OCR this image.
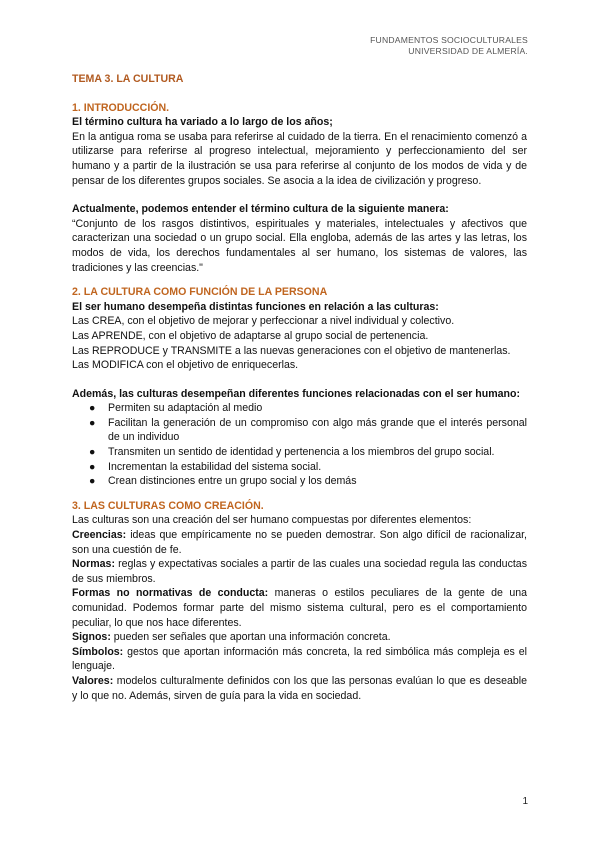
FUNDAMENTOS SOCIOCULTURALES
UNIVERSIDAD DE ALMERÍA.

TEMA 3. LA CULTURA

1. INTRODUCCIÓN.

El término cultura ha variado a lo largo de los años;

En la antigua roma se usaba para referirse al cuidado de la tierra. En el renacimiento comenzó a utilizarse para referirse al progreso intelectual, mejoramiento y perfeccionamiento del ser humano y a partir de la ilustración se usa para referirse al conjunto de los modos de vida y de pensar de los diferentes grupos sociales. Se asocia a la idea de civilización y progreso.

Actualmente, podemos entender el término cultura de la siguiente manera:

“Conjunto de los rasgos distintivos, espirituales y materiales, intelectuales y afectivos que caracterizan una sociedad o un grupo social. Ella engloba, además de las artes y las letras, los modos de vida, los derechos fundamentales al ser humano, los sistemas de valores, las tradiciones y las creencias."

2. LA CULTURA COMO FUNCIÓN DE LA PERSONA

El ser humano desempeña distintas funciones en relación a las culturas:

Las CREA, con el objetivo de mejorar y perfeccionar a nivel individual y colectivo.

Las APRENDE, con el objetivo de adaptarse al grupo social de pertenencia.

Las REPRODUCE y TRANSMITE a las nuevas generaciones con el objetivo de mantenerlas.

Las MODIFICA con el objetivo de enriquecerlas.

Además, las culturas desempeñan diferentes funciones relacionadas con el ser humano:

● Permiten su adaptación al medio
● Facilitan la generación de un compromiso con algo más grande que el interés personal de un individuo
● Transmiten un sentido de identidad y pertenencia a los miembros del grupo social.
● Incrementan la estabilidad del sistema social.
● Crean distinciones entre un grupo social y los demás

3. LAS CULTURAS COMO CREACIÓN.

Las culturas son una creación del ser humano compuestas por diferentes elementos:

Creencias: ideas que empíricamente no se pueden demostrar. Son algo difícil de racionalizar, son una cuestión de fe.

Normas: reglas y expectativas sociales a partir de las cuales una sociedad regula las conductas de sus miembros.

Formas no normativas de conducta: maneras o estilos peculiares de la gente de una comunidad. Podemos formar parte del mismo sistema cultural, pero es el comportamiento peculiar, lo que nos hace diferentes.

Signos: pueden ser señales que aportan una información concreta.

Símbolos: gestos que aportan información más concreta, la red simbólica más compleja es el lenguaje.

Valores: modelos culturalmente definidos con los que las personas evalúan lo que es deseable y lo que no. Además, sirven de guía para la vida en sociedad.

1
